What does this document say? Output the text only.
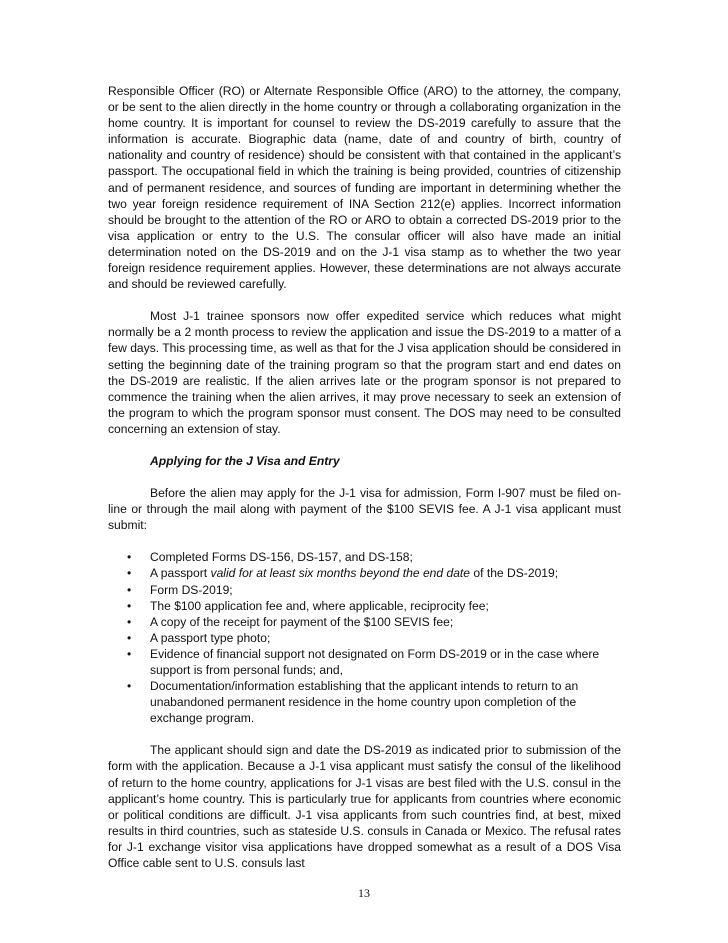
Responsible Officer (RO) or Alternate Responsible Office (ARO) to the attorney, the company, or be sent to the alien directly in the home country or through a collaborating organization in the home country. It is important for counsel to review the DS-2019 carefully to assure that the information is accurate. Biographic data (name, date of and country of birth, country of nationality and country of residence) should be consistent with that contained in the applicant’s passport. The occupational field in which the training is being provided, countries of citizenship and of permanent residence, and sources of funding are important in determining whether the two year foreign residence requirement of INA Section 212(e) applies. Incorrect information should be brought to the attention of the RO or ARO to obtain a corrected DS-2019 prior to the visa application or entry to the U.S. The consular officer will also have made an initial determination noted on the DS-2019 and on the J-1 visa stamp as to whether the two year foreign residence requirement applies. However, these determinations are not always accurate and should be reviewed carefully.

Most J-1 trainee sponsors now offer expedited service which reduces what might normally be a 2 month process to review the application and issue the DS-2019 to a matter of a few days. This processing time, as well as that for the J visa application should be considered in setting the beginning date of the training program so that the program start and end dates on the DS-2019 are realistic. If the alien arrives late or the program sponsor is not prepared to commence the training when the alien arrives, it may prove necessary to seek an extension of the program to which the program sponsor must consent. The DOS may need to be consulted concerning an extension of stay.

Applying for the J Visa and Entry

Before the alien may apply for the J-1 visa for admission, Form I-907 must be filed on-line or through the mail along with payment of the $100 SEVIS fee. A J-1 visa applicant must submit:

• Completed Forms DS-156, DS-157, and DS-158;
• A passport valid for at least six months beyond the end date of the DS-2019;
• Form DS-2019;
• The $100 application fee and, where applicable, reciprocity fee;
• A copy of the receipt for payment of the $100 SEVIS fee;
• A passport type photo;
• Evidence of financial support not designated on Form DS-2019 or in the case where support is from personal funds; and,
• Documentation/information establishing that the applicant intends to return to an unabandoned permanent residence in the home country upon completion of the exchange program.

The applicant should sign and date the DS-2019 as indicated prior to submission of the form with the application. Because a J-1 visa applicant must satisfy the consul of the likelihood of return to the home country, applications for J-1 visas are best filed with the U.S. consul in the applicant’s home country. This is particularly true for applicants from countries where economic or political conditions are difficult. J-1 visa applicants from such countries find, at best, mixed results in third countries, such as stateside U.S. consuls in Canada or Mexico. The refusal rates for J-1 exchange visitor visa applications have dropped somewhat as a result of a DOS Visa Office cable sent to U.S. consuls last

13
